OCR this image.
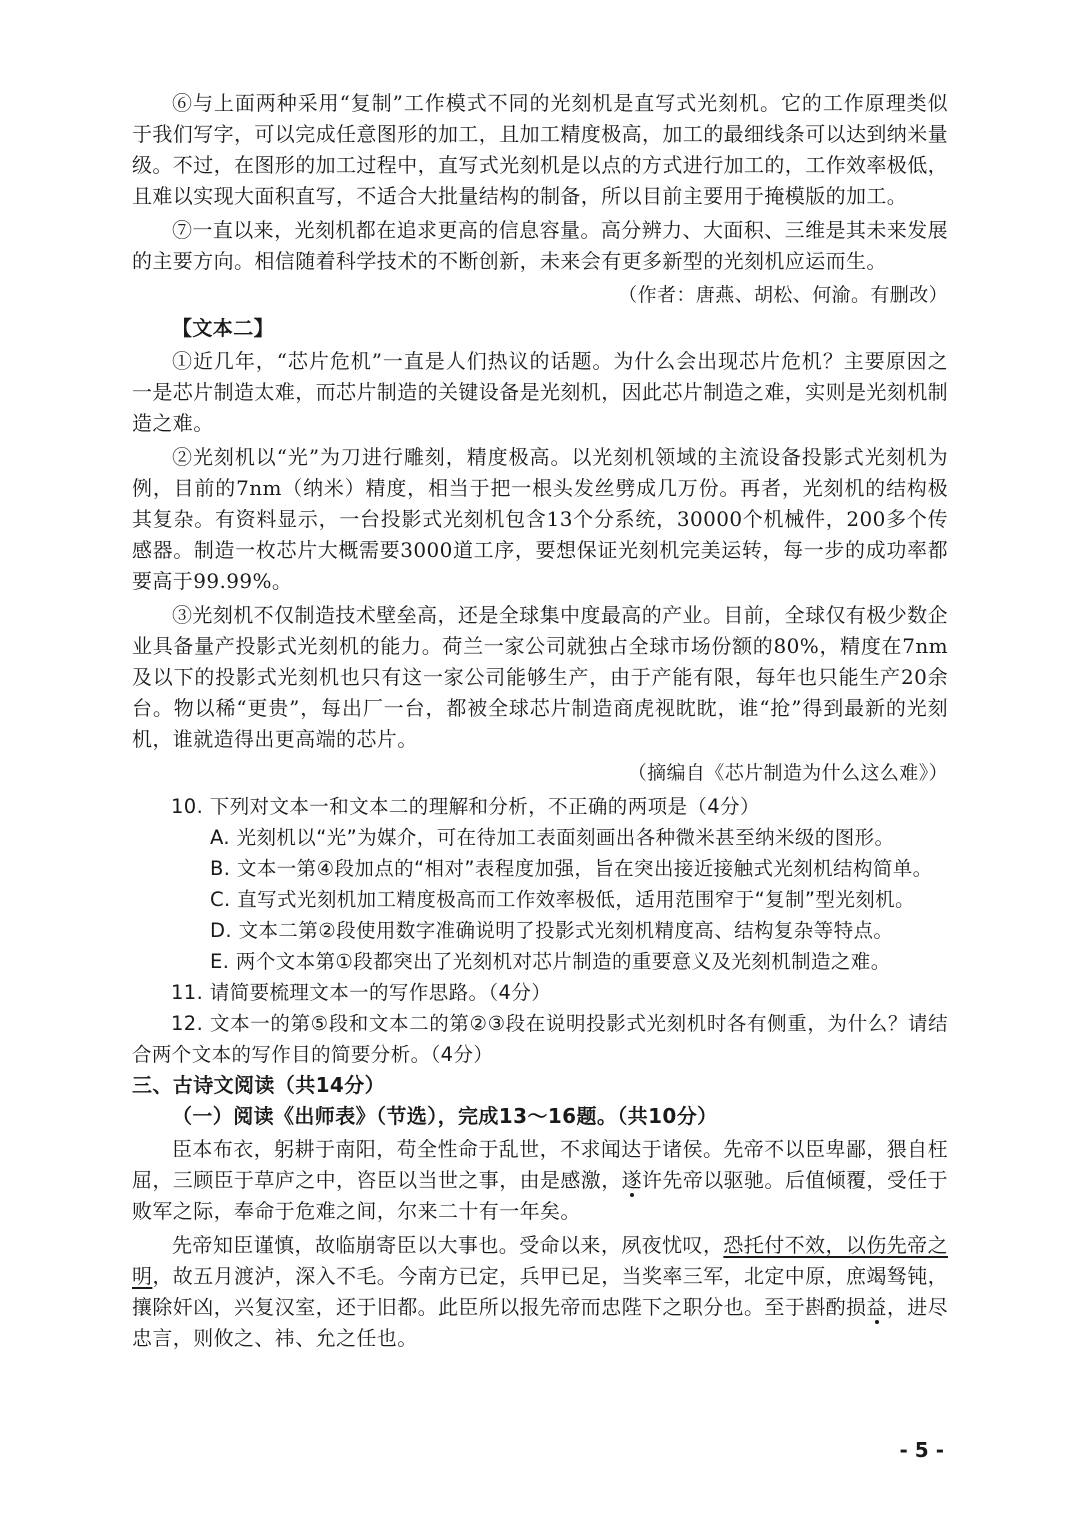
⑥与上面两种采用“复制”工作模式不同的光刻机是直写式光刻机。它的工作原理类似于我们写字，可以完成任意图形的加工，且加工精度极高，加工的最细线条可以达到纳米量级。不过，在图形的加工过程中，直写式光刻机是以点的方式进行加工的，工作效率极低，且难以实现大面积直写，不适合大批量结构的制备，所以目前主要用于掩模版的加工。

⑦一直以来，光刻机都在追求更高的信息容量。高分辨力、大面积、三维是其未来发展的主要方向。相信随着科学技术的不断创新，未来会有更多新型的光刻机应运而生。

（作者：唐燕、胡松、何渝。有删改）

【文本二】

①近几年，“芯片危机”一直是人们热议的话题。为什么会出现芯片危机？主要原因之一是芯片制造太难，而芯片制造的关键设备是光刻机，因此芯片制造之难，实则是光刻机制造之难。

②光刻机以“光”为刀进行雕刻，精度极高。以光刻机领域的主流设备投影式光刻机为例，目前的7nm（纳米）精度，相当于把一根头发丝劈成几万份。再者，光刻机的结构极其复杂。有资料显示，一台投影式光刻机包含13个分系统，30000个机械件，200多个传感器。制造一枚芯片大概需要3000道工序，要想保证光刻机完美运转，每一步的成功率都要高于99.99%。

③光刻机不仅制造技术壁垒高，还是全球集中度最高的产业。目前，全球仅有极少数企业具备量产投影式光刻机的能力。荷兰一家公司就独占全球市场份额的80%，精度在7nm及以下的投影式光刻机也只有这一家公司能够生产，由于产能有限，每年也只能生产20余台。物以稀“更贵”，每出厂一台，都被全球芯片制造商虎视眈眈，谁“抢”得到最新的光刻机，谁就造得出更高端的芯片。

（摘编自《芯片制造为什么这么难》）

10. 下列对文本一和文本二的理解和分析，不正确的两项是（4分）

A. 光刻机以“光”为媒介，可在待加工表面刻画出各种微米甚至纳米级的图形。

B. 文本一第④段加点的“相对”表程度加强，旨在突出接近接触式光刻机结构简单。

C. 直写式光刻机加工精度极高而工作效率极低，适用范围窄于“复制”型光刻机。

D. 文本二第②段使用数字准确说明了投影式光刻机精度高、结构复杂等特点。

E. 两个文本第①段都突出了光刻机对芯片制造的重要意义及光刻机制造之难。

11. 请简要梳理文本一的写作思路。（4分）

12. 文本一的第⑤段和文本二的第②③段在说明投影式光刻机时各有侧重，为什么？请结合两个文本的写作目的简要分析。（4分）

三、古诗文阅读（共14分）

（一）阅读《出师表》（节选），完成13～16题。（共10分）

臣本布衣，躬耕于南阳，苟全性命于乱世，不求闻达于诸侯。先帝不以臣卑鄙，猥自枉屈，三顾臣于草庐之中，咨臣以当世之事，由是感激，遂许先帝以驱驰。后值倾覆，受任于败军之际，奉命于危难之间，尔来二十有一年矣。

先帝知臣谨慎，故临崩寄臣以大事也。受命以来，夙夜忧叹，恐托付不效，以伤先帝之明，故五月渡泸，深入不毛。今南方已定，兵甲已足，当奖率三军，北定中原，庶竭驽钝，攘除奸凶，兴复汉室，还于旧都。此臣所以报先帝而忠陛下之职分也。至于斟酌损益，进尽忠言，则攸之、祎、允之任也。

- 5 -
